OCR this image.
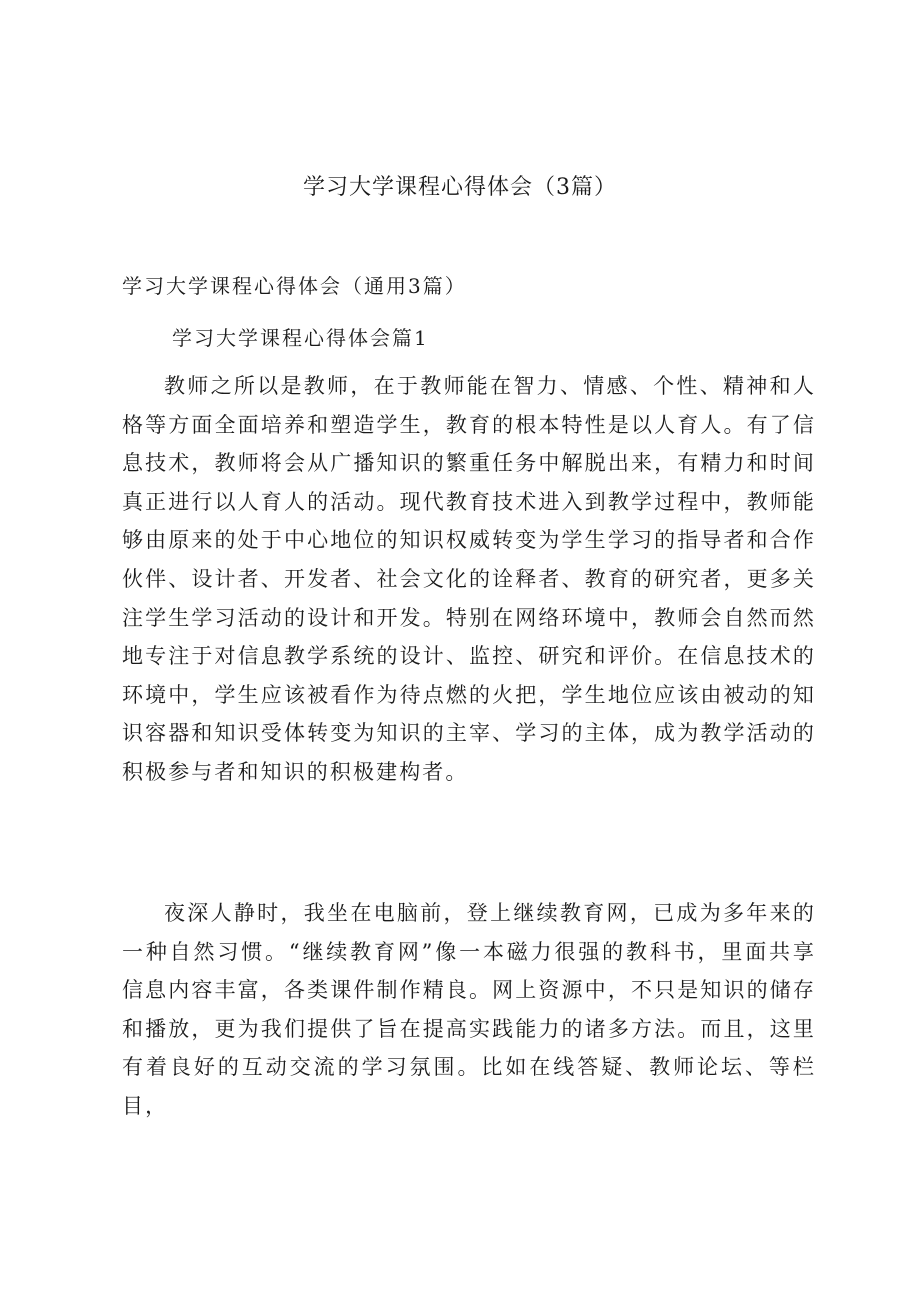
学习大学课程心得体会（3篇）
学习大学课程心得体会（通用3篇）
学习大学课程心得体会篇1

教师之所以是教师，在于教师能在智力、情感、个性、精神和人格等方面全面培养和塑造学生，教育的根本特性是以人育人。有了信息技术，教师将会从广播知识的繁重任务中解脱出来，有精力和时间真正进行以人育人的活动。现代教育技术进入到教学过程中，教师能够由原来的处于中心地位的知识权威转变为学生学习的指导者和合作伙伴、设计者、开发者、社会文化的诠释者、教育的研究者，更多关注学生学习活动的设计和开发。特别在网络环境中，教师会自然而然地专注于对信息教学系统的设计、监控、研究和评价。在信息技术的环境中，学生应该被看作为待点燃的火把，学生地位应该由被动的知识容器和知识受体转变为知识的主宰、学习的主体，成为教学活动的积极参与者和知识的积极建构者。

夜深人静时，我坐在电脑前，登上继续教育网，已成为多年来的一种自然习惯。“继续教育网”像一本磁力很强的教科书，里面共享信息内容丰富，各类课件制作精良。网上资源中，不只是知识的储存和播放，更为我们提供了旨在提高实践能力的诸多方法。而且，这里有着良好的互动交流的学习氛围。比如在线答疑、教师论坛、等栏目，
